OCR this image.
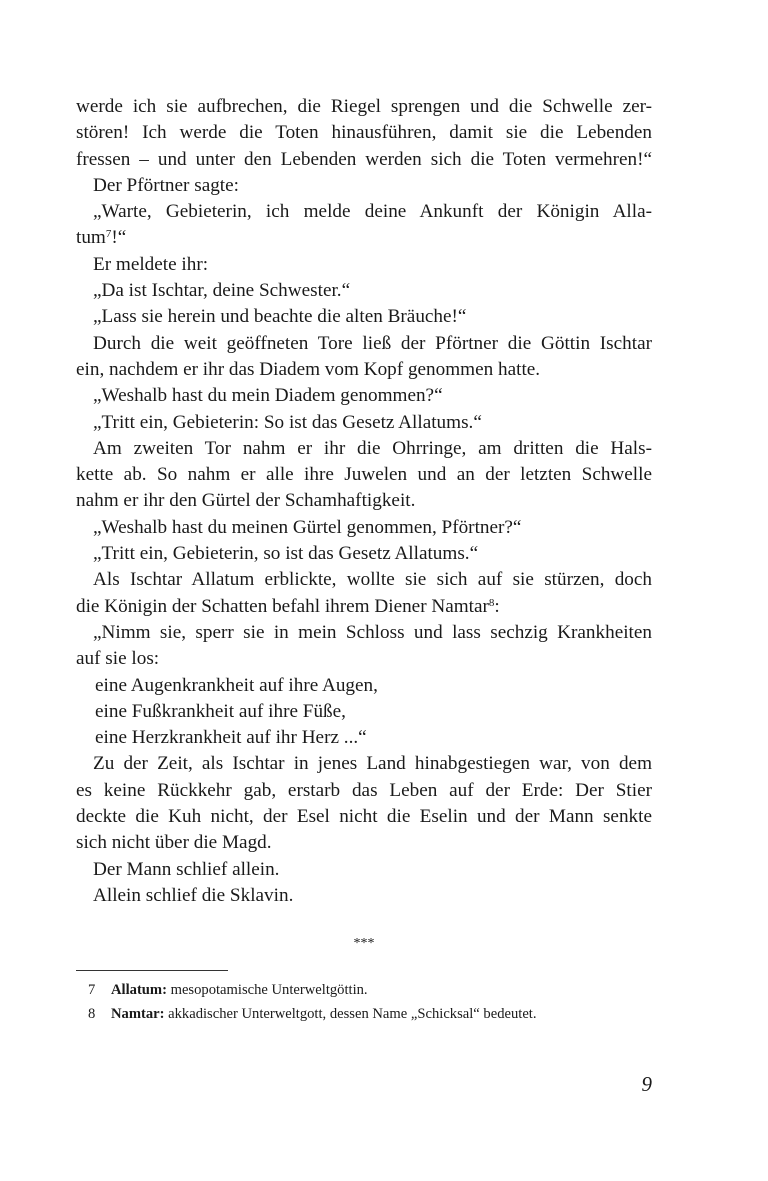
werde ich sie aufbrechen, die Riegel sprengen und die Schwelle zer-

stören! Ich werde die Toten hinausführen, damit sie die Lebenden

fressen – und unter den Lebenden werden sich die Toten vermehren!“

Der Pförtner sagte:

„Warte, Gebieterin, ich melde deine Ankunft der Königin Alla-

tum$^7$!“

Er meldete ihr:

„Da ist Ischtar, deine Schwester.“

„Lass sie herein und beachte die alten Bräuche!“

Durch die weit geöffneten Tore ließ der Pförtner die Göttin Ischtar

ein, nachdem er ihr das Diadem vom Kopf genommen hatte.

„Weshalb hast du mein Diadem genommen?“

„Tritt ein, Gebieterin: So ist das Gesetz Allatums.“

Am zweiten Tor nahm er ihr die Ohrringe, am dritten die Hals-

kette ab. So nahm er alle ihre Juwelen und an der letzten Schwelle

nahm er ihr den Gürtel der Schamhaftigkeit.

„Weshalb hast du meinen Gürtel genommen, Pförtner?“

„Tritt ein, Gebieterin, so ist das Gesetz Allatums.“

Als Ischtar Allatum erblickte, wollte sie sich auf sie stürzen, doch

die Königin der Schatten befahl ihrem Diener Namtar$^8$:

„Nimm sie, sperr sie in mein Schloss und lass sechzig Krankheiten

auf sie los:

eine Augenkrankheit auf ihre Augen,

eine Fußkrankheit auf ihre Füße,

eine Herzkrankheit auf ihr Herz ...“

Zu der Zeit, als Ischtar in jenes Land hinabgestiegen war, von dem

es keine Rückkehr gab, erstarb das Leben auf der Erde: Der Stier

deckte die Kuh nicht, der Esel nicht die Eselin und der Mann senkte

sich nicht über die Magd.

Der Mann schlief allein.

Allein schlief die Sklavin.

***
7 Allatum: mesopotamische Unterweltgöttin.
8 Namtar: akkadischer Unterweltgott, dessen Name „Schicksal“ bedeutet.
9
